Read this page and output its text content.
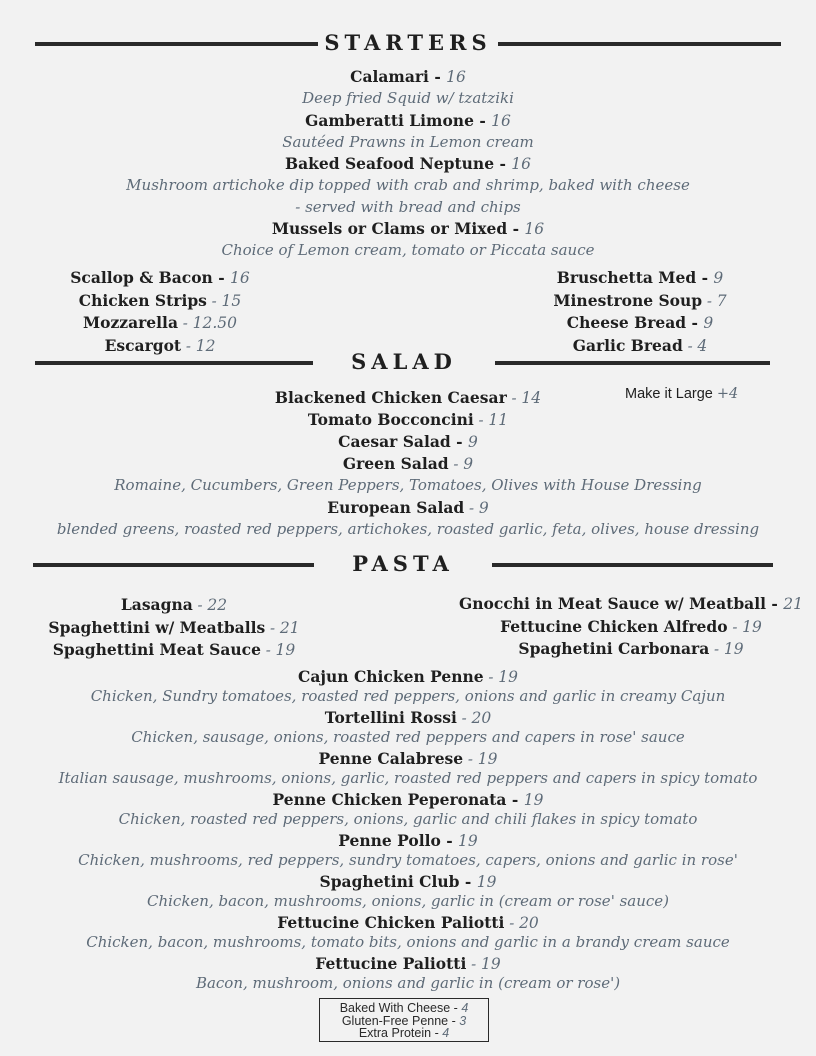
STARTERS
Calamari - 16
Deep fried Squid w/ tzatziki
Gamberatti Limone - 16
Sautéed Prawns in Lemon cream
Baked Seafood Neptune - 16
Mushroom artichoke dip topped with crab and shrimp, baked with cheese
- served with bread and chips
Mussels or Clams or Mixed - 16
Choice of Lemon cream, tomato or Piccata sauce
Scallop & Bacon - 16
Chicken Strips - 15
Mozzarella - 12.50
Escargot - 12
Bruschetta Med - 9
Minestrone Soup - 7
Cheese Bread - 9
Garlic Bread - 4
SALAD
Blackened Chicken Caesar - 14	Make it Large +4
Tomato Bocconcini - 11
Caesar Salad - 9
Green Salad - 9
Romaine, Cucumbers, Green Peppers, Tomatoes, Olives with House Dressing
European Salad - 9
blended greens, roasted red peppers, artichokes, roasted garlic, feta, olives, house dressing
PASTA
Lasagna - 22
Spaghettini w/ Meatballs - 21
Spaghettini Meat Sauce - 19
Gnocchi in Meat Sauce w/ Meatball - 21
Fettucine Chicken Alfredo - 19
Spaghetini Carbonara - 19
Cajun Chicken Penne - 19
Chicken, Sundry tomatoes, roasted red peppers, onions and garlic in creamy Cajun
Tortellini Rossi - 20
Chicken, sausage, onions, roasted red peppers and capers in rose' sauce
Penne Calabrese - 19
Italian sausage, mushrooms, onions, garlic, roasted red peppers and capers in spicy tomato
Penne Chicken Peperonata - 19
Chicken, roasted red peppers, onions, garlic and chili flakes in spicy tomato
Penne Pollo - 19
Chicken, mushrooms, red peppers, sundry tomatoes, capers, onions and garlic in rose'
Spaghetini Club - 19
Chicken, bacon, mushrooms, onions, garlic in (cream or rose' sauce)
Fettucine Chicken Paliotti - 20
Chicken, bacon, mushrooms, tomato bits, onions and garlic in a brandy cream sauce
Fettucine Paliotti - 19
Bacon, mushroom, onions and garlic in (cream or rose')
Baked With Cheese - 4
Gluten-Free Penne - 3
Extra Protein - 4
